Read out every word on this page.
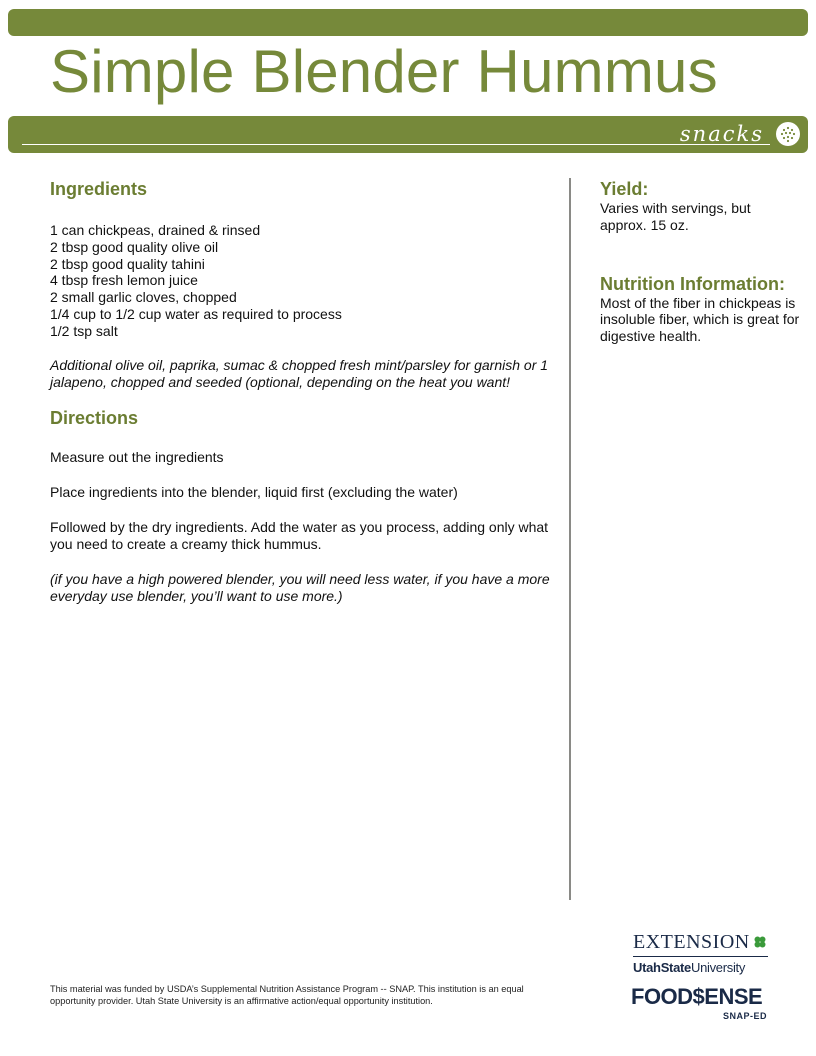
Simple Blender Hummus
snacks
Ingredients
1 can chickpeas, drained & rinsed
2 tbsp good quality olive oil
2 tbsp good quality tahini
4 tbsp fresh lemon juice
2 small garlic cloves, chopped
1/4 cup to 1/2 cup water as required to process
1/2 tsp salt
Additional olive oil, paprika, sumac & chopped fresh mint/parsley for garnish or 1 jalapeno, chopped and seeded (optional, depending on the heat you want!
Directions
Measure out the ingredients
Place ingredients into the blender, liquid first (excluding the water)
Followed by the dry ingredients. Add the water as you process, adding only what you need to create a creamy thick hummus.
(if you have a high powered blender, you will need less water, if you have a more everyday use blender, you’ll want to use more.)
Yield:
Varies with servings, but approx. 15 oz.
Nutrition Information:
Most of the fiber in chickpeas is insoluble fiber, which is great for digestive health.
This material was funded by USDA’s Supplemental Nutrition Assistance Program -- SNAP. This institution is an equal opportunity provider. Utah State University is an affirmative action/equal opportunity institution.
EXTENSION
UtahStateUniversity
FOOD$ENSE
SNAP-ED
